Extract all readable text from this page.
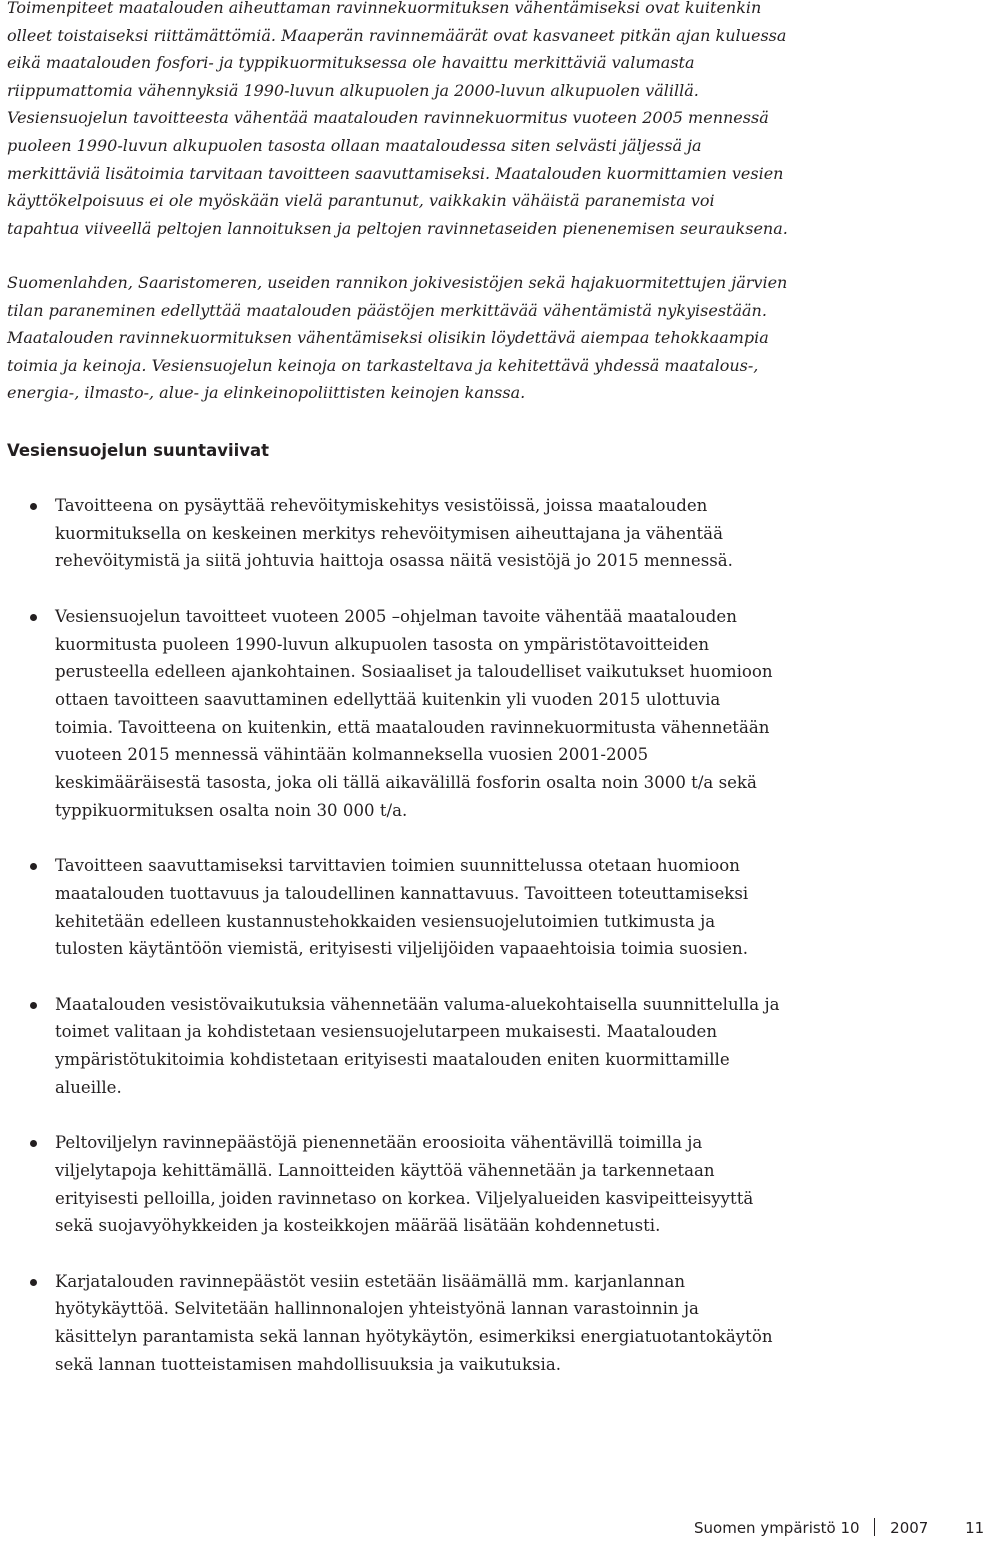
Toimenpiteet maatalouden aiheuttaman ravinnekuormituksen vähentämiseksi ovat kuitenkin olleet toistaiseksi riittämättömiä. Maaperän ravinnemäärät ovat kasvaneet pitkän ajan kuluessa eikä maatalouden fosfori- ja typpikuormituksessa ole havaittu merkittäviä valumasta riippumattomia vähennyksiä 1990-luvun alkupuolen ja 2000-luvun alkupuolen välillä. Vesiensuojelun tavoitteesta vähentää maatalouden ravinnekuormitus vuoteen 2005 mennessä puoleen 1990-luvun alkupuolen tasosta ollaan maataloudessa siten selvästi jäljessä ja merkittäviä lisätoimia tarvitaan tavoitteen saavuttamiseksi. Maatalouden kuormittamien vesien käyttökelpoisuus ei ole myöskään vielä parantunut, vaikkakin vähäistä paranemista voi tapahtua viiveellä peltojen lannoituksen ja peltojen ravinnetaseiden pienenemisen seurauksena.

Suomenlahden, Saaristomeren, useiden rannikon jokivesistöjen sekä hajakuormitettujen järvien tilan paraneminen edellyttää maatalouden päästöjen merkittävää vähentämistä nykyisestään. Maatalouden ravinnekuormituksen vähentämiseksi olisikin löydettävä aiempaa tehokkaampia toimia ja keinoja. Vesiensuojelun keinoja on tarkasteltava ja kehitettävä yhdessä maatalous-, energia-, ilmasto-, alue- ja elinkeinopoliittisten keinojen kanssa.

Vesiensuojelun suuntaviivat
Tavoitteena on pysäyttää rehevöitymiskehitys vesistöissä, joissa maatalouden kuormituksella on keskeinen merkitys rehevöitymisen aiheuttajana ja vähentää rehevöitymistä ja siitä johtuvia haittoja osassa näitä vesistöjä jo 2015 mennessä.
Vesiensuojelun tavoitteet vuoteen 2005 –ohjelman tavoite vähentää maatalouden kuormitusta puoleen 1990-luvun alkupuolen tasosta on ympäristötavoitteiden perusteella edelleen ajankohtainen. Sosiaaliset ja taloudelliset vaikutukset huomioon ottaen tavoitteen saavuttaminen edellyttää kuitenkin yli vuoden 2015 ulottuvia toimia. Tavoitteena on kuitenkin, että maatalouden ravinnekuormitusta vähennetään vuoteen 2015 mennessä vähintään kolmanneksella vuosien 2001-2005 keskimääräisestä tasosta, joka oli tällä aikavälillä fosforin osalta noin 3000 t/a sekä typpikuormituksen osalta noin 30 000 t/a.
Tavoitteen saavuttamiseksi tarvittavien toimien suunnittelussa otetaan huomioon maatalouden tuottavuus ja taloudellinen kannattavuus. Tavoitteen toteuttamiseksi kehitetään edelleen kustannustehokkaiden vesiensuojelutoimien tutkimusta ja tulosten käytäntöön viemistä, erityisesti viljelijöiden vapaaehtoisia toimia suosien.
Maatalouden vesistövaikutuksia vähennetään valuma-aluekohtaisella suunnittelulla ja toimet valitaan ja kohdistetaan vesiensuojelutarpeen mukaisesti. Maatalouden ympäristötukitoimia kohdistetaan erityisesti maatalouden eniten kuormittamille alueille.
Peltoviljelyn ravinnepäästöjä pienennetään eroosioita vähentävillä toimilla ja viljelytapoja kehittämällä. Lannoitteiden käyttöä vähennetään ja tarkennetaan erityisesti pelloilla, joiden ravinnetaso on korkea. Viljelyalueiden kasvipeitteisyyttä sekä suojavyöhykkeiden ja kosteikkojen määrää lisätään kohdennetusti.
Karjatalouden ravinnepäästöt vesiin estetään lisäämällä mm. karjanlannan hyötykäyttöä. Selvitetään hallinnonalojen yhteistyönä lannan varastoinnin ja käsittelyn parantamista sekä lannan hyötykäytön, esimerkiksi energiatuotantokäytön sekä lannan tuotteistamisen mahdollisuuksia ja vaikutuksia.
Suomen ympäristö 10 2007 11
